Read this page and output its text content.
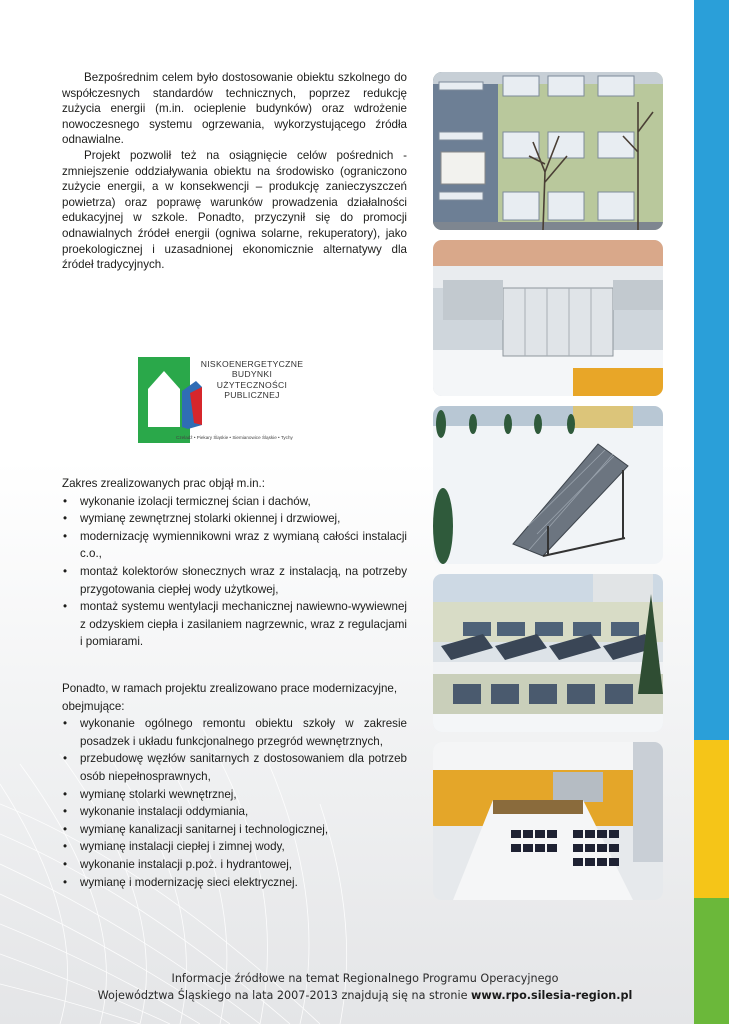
Bezpośrednim celem było dostosowanie obiektu szkolnego do współczesnych standardów technicznych, poprzez redukcję zużycia energii (m.in. ocieplenie budynków) oraz wdrożenie nowoczesnego systemu ogrzewania, wykorzystującego źródła odnawialne.

Projekt pozwolił też na osiągnięcie celów pośrednich - zmniejszenie oddziaływania obiektu na środowisko (ograniczono zużycie energii, a w konsekwencji – produkcję zanieczyszczeń powietrza) oraz poprawę warunków prowadzenia działalności edukacyjnej w szkole. Ponadto, przyczynił się do promocji odnawialnych źródeł energii (ogniwa solarne, rekuperatory), jako proekologicznej i uzasadnionej ekonomicznie alternatywy dla źródeł tradycyjnych.

NISKOENERGETYCZNE
BUDYNKI
UŻYTECZNOŚCI
PUBLICZNEJ
Czeladź • Piekary Śląskie • Siemianowice Śląskie • Tychy

Zakres zrealizowanych prac objął m.in.:

• wykonanie izolacji termicznej ścian i dachów,
• wymianę zewnętrznej stolarki okiennej i drzwiowej,
• modernizację wymiennikowni wraz z wymianą całości instalacji c.o.,
• montaż kolektorów słonecznych wraz z instalacją, na potrzeby przygotowania ciepłej wody użytkowej,
• montaż systemu wentylacji mechanicznej nawiewno-wywiewnej z odzyskiem ciepła i zasilaniem nagrzewnic, wraz z regulacjami i pomiarami.

Ponadto, w ramach projektu zrealizowano prace modernizacyjne, obejmujące:

• wykonanie ogólnego remontu obiektu szkoły w zakresie posadzek i układu funkcjonalnego przegród wewnętrznych,
• przebudowę węzłów sanitarnych z dostosowaniem dla potrzeb osób niepełnosprawnych,
• wymianę stolarki wewnętrznej,
• wykonanie instalacji oddymiania,
• wymianę kanalizacji sanitarnej i technologicznej,
• wymianę instalacji ciepłej i zimnej wody,
• wykonanie instalacji p.poż. i hydrantowej,
• wymianę i modernizację sieci elektrycznej.
Informacje źródłowe na temat Regionalnego Programu Operacyjnego
Województwa Śląskiego na lata 2007-2013 znajdują się na stronie www.rpo.silesia-region.pl
